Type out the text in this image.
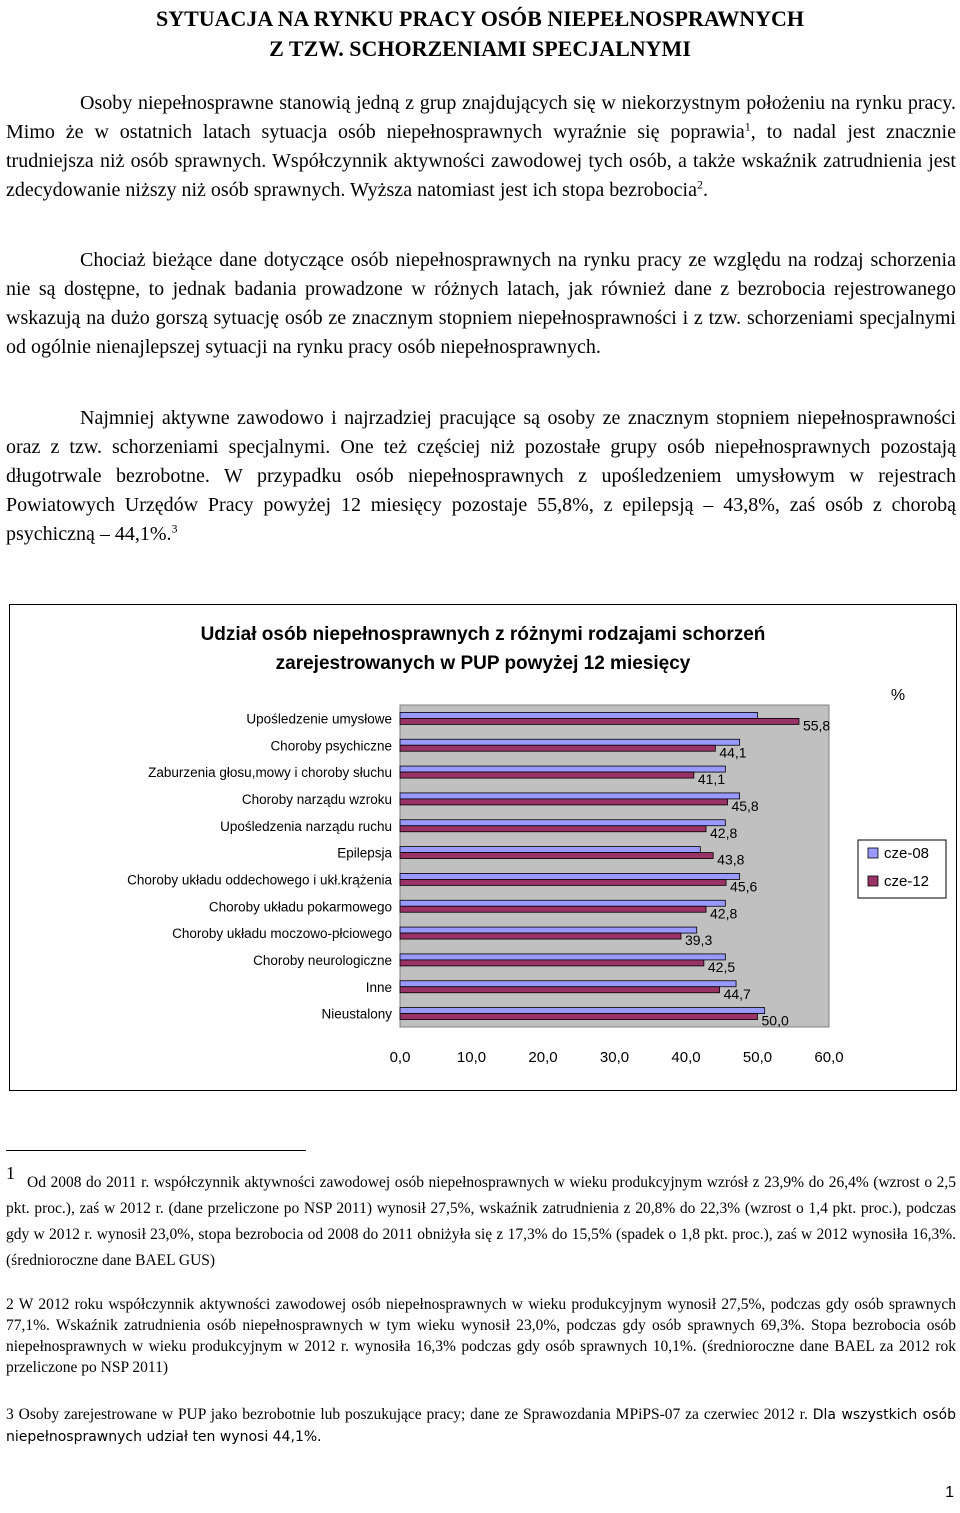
SYTUACJA NA RYNKU PRACY OSÓB NIEPEŁNOSPRAWNYCH
Z TZW. SCHORZENIAMI SPECJALNYMI

Osoby niepełnosprawne stanowią jedną z grup znajdujących się w niekorzystnym położeniu na rynku pracy. Mimo że w ostatnich latach sytuacja osób niepełnosprawnych wyraźnie się poprawia$^1$, to nadal jest znacznie trudniejsza niż osób sprawnych. Współczynnik aktywności zawodowej tych osób, a także wskaźnik zatrudnienia jest zdecydowanie niższy niż osób sprawnych. Wyższa natomiast jest ich stopa bezrobocia$^2$.

Chociaż bieżące dane dotyczące osób niepełnosprawnych na rynku pracy ze względu na rodzaj schorzenia nie są dostępne, to jednak badania prowadzone w różnych latach, jak również dane z bezrobocia rejestrowanego wskazują na dużo gorszą sytuację osób ze znacznym stopniem niepełnosprawności i z tzw. schorzeniami specjalnymi od ogólnie nienajlepszej sytuacji na rynku pracy osób niepełnosprawnych.

Najmniej aktywne zawodowo i najrzadziej pracujące są osoby ze znacznym stopniem niepełnosprawności oraz z tzw. schorzeniami specjalnymi. One też częściej niż pozostałe grupy osób niepełnosprawnych pozostają długotrwale bezrobotne. W przypadku osób niepełnosprawnych z upośledzeniem umysłowym w rejestrach Powiatowych Urzędów Pracy powyżej 12 miesięcy pozostaje 55,8%, z epilepsją – 43,8%, zaś osób z chorobą psychiczną – 44,1%.$^3$

Udział osób niepełnosprawnych z różnymi rodzajami schorzeń
zarejestrowanych w PUP powyżej 12 miesięcy
%
0,0	10,0	20,0	30,0	40,0	50,0	60,0
Upośledzenie umysłowe	55,8
Choroby psychiczne	44,1
Zaburzenia głosu,mowy i choroby słuchu	41,1
Choroby narządu wzroku	45,8
Upośledzenia narządu ruchu	42,8
Epilepsja	43,8
Choroby układu oddechowego i ukł.krążenia	45,6
Choroby układu pokarmowego	42,8
Choroby układu moczowo-płciowego	39,3
Choroby neurologiczne	42,5
Inne	44,7
Nieustalony	50,0
cze-08
cze-12

1 Od 2008 do 2011 r. współczynnik aktywności zawodowej osób niepełnosprawnych w wieku produkcyjnym wzrósł z 23,9% do 26,4% (wzrost o 2,5 pkt. proc.), zaś w 2012 r. (dane przeliczone po NSP 2011) wynosił 27,5%, wskaźnik zatrudnienia z 20,8% do 22,3% (wzrost o 1,4 pkt. proc.), podczas gdy w 2012 r. wynosił 23,0%, stopa bezrobocia od 2008 do 2011 obniżyła się z 17,3% do 15,5% (spadek o 1,8 pkt. proc.), zaś w 2012 wynosiła 16,3%.(średnioroczne dane BAEL GUS)

2 W 2012 roku współczynnik aktywności zawodowej osób niepełnosprawnych w wieku produkcyjnym wynosił 27,5%, podczas gdy osób sprawnych 77,1%. Wskaźnik zatrudnienia osób niepełnosprawnych w tym wieku wynosił 23,0%, podczas gdy osób sprawnych 69,3%. Stopa bezrobocia osób niepełnosprawnych w wieku produkcyjnym w 2012 r. wynosiła 16,3% podczas gdy osób sprawnych 10,1%. (średnioroczne dane BAEL za 2012 rok przeliczone po NSP 2011)

3 Osoby zarejestrowane w PUP jako bezrobotnie lub poszukujące pracy; dane ze Sprawozdania MPiPS-07 za czerwiec 2012 r. Dla wszystkich osób niepełnosprawnych udział ten wynosi 44,1%.

1
